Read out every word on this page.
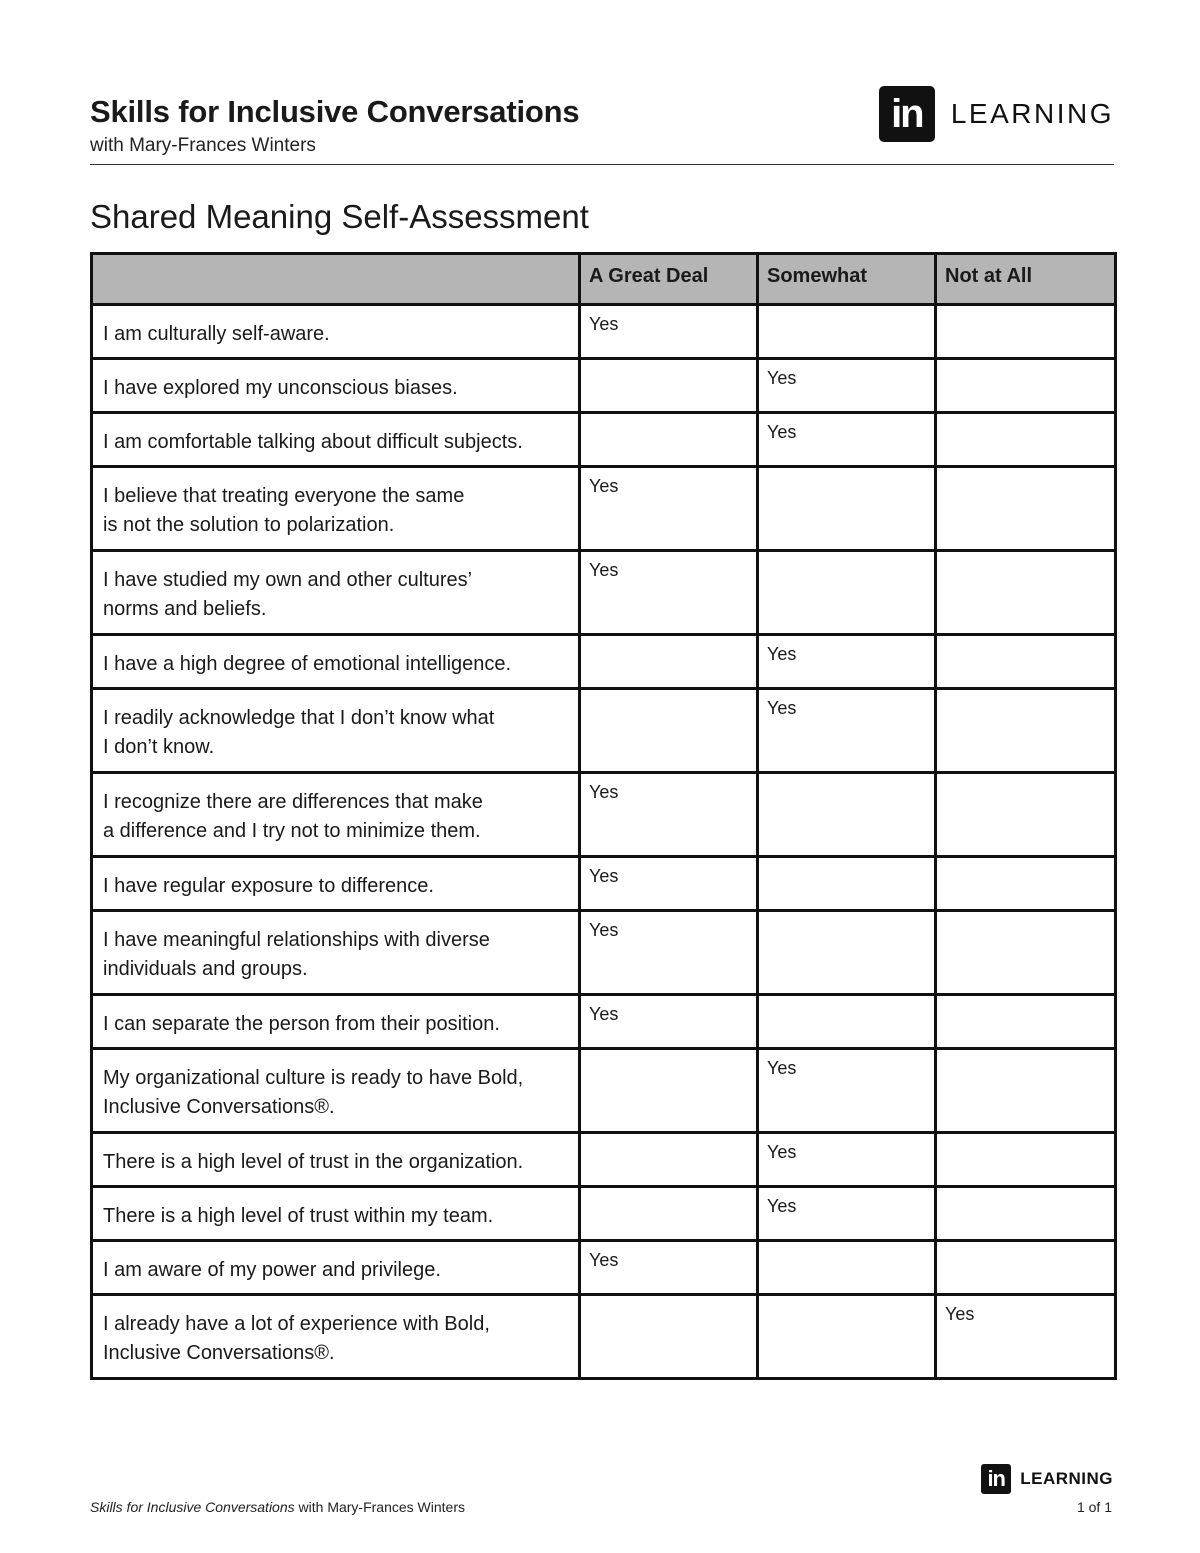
Skills for Inclusive Conversations
with Mary-Frances Winters
in	LEARNING
Shared Meaning Self-Assessment
	A Great Deal	Somewhat	Not at All
I am culturally self-aware.	Yes		
I have explored my unconscious biases.		Yes	
I am comfortable talking about difficult subjects.		Yes	
I believe that treating everyone the same
is not the solution to polarization.	Yes		
I have studied my own and other cultures’
norms and beliefs.	Yes		
I have a high degree of emotional intelligence.		Yes	
I readily acknowledge that I don’t know what
I don’t know.		Yes	
I recognize there are differences that make
a difference and I try not to minimize them.	Yes		
I have regular exposure to difference.	Yes		
I have meaningful relationships with diverse
individuals and groups.	Yes		
I can separate the person from their position.	Yes		
My organizational culture is ready to have Bold,
Inclusive Conversations®.		Yes	
There is a high level of trust in the organization.		Yes	
There is a high level of trust within my team.		Yes	
I am aware of my power and privilege.	Yes		
I already have a lot of experience with Bold,
Inclusive Conversations®.			Yes
in LEARNING
Skills for Inclusive Conversations with Mary-Frances Winters	1 of 1
